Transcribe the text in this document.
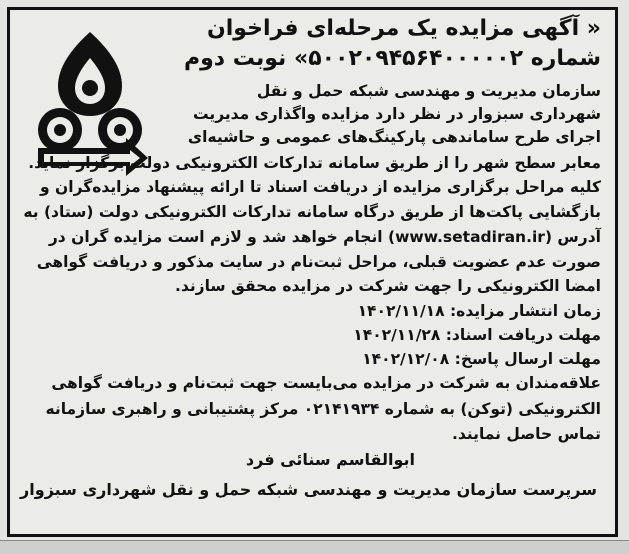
« آگهی مزایده یک مرحله‌ای فراخوان
شماره ۵۰۰۲۰۹۴۵۶۴۰۰۰۰۰۲» نوبت دوم
سازمان مدیریت و مهندسی شبکه حمل و نقل
شهرداری سبزوار در نظر دارد مزایده واگذاری مدیریت
اجرای طرح ساماندهی پارکینگ‌های عمومی و حاشیه‌ای
معابر سطح شهر را از طریق سامانه تدارکات الکترونیکی دولت برگزار نماید.
کلیه مراحل برگزاری مزایده از دریافت اسناد تا ارائه پیشنهاد مزایده‌گران و
بازگشایی پاکت‌ها از طریق درگاه سامانه تدارکات الکترونیکی دولت (ستاد) به
آدرس (www.setadiran.ir) انجام خواهد شد و لازم است مزایده گران در
صورت عدم عضویت قبلی، مراحل ثبت‌نام در سایت مذکور و دریافت گواهی
امضا الکترونیکی را جهت شرکت در مزایده محقق سازند.
زمان انتشار مزایده: ۱۴۰۲/۱۱/۱۸
مهلت دریافت اسناد: ۱۴۰۲/۱۱/۲۸
مهلت ارسال پاسخ: ۱۴۰۲/۱۲/۰۸
علاقه‌مندان به شرکت در مزایده می‌بایست جهت ثبت‌نام و دریافت گواهی
الکترونیکی (توکن) به شماره ۰۲۱۴۱۹۳۴ مرکز پشتیبانی و راهبری سازمانه
تماس حاصل نمایند.
ابوالقاسم سنائی فرد
سرپرست سازمان مدیریت و مهندسی شبکه حمل و نقل شهرداری سبزوار
